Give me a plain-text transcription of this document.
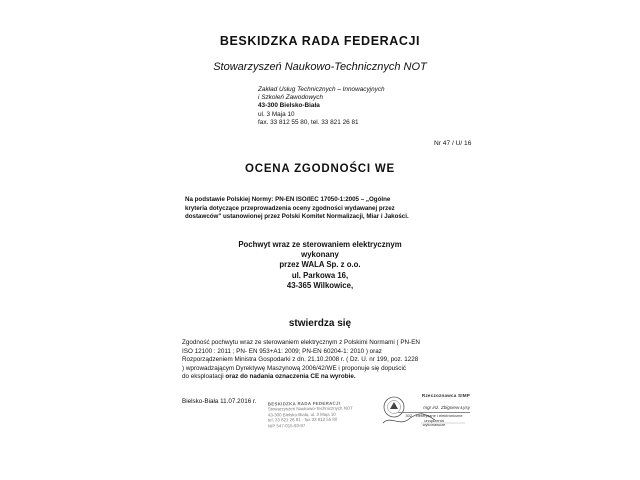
BESKIDZKA RADA FEDERACJI
Stowarzyszeń Naukowo-Technicznych NOT
Zakład Usług Technicznych – Innowacyjnych
i Szkoleń Zawodowych
43-300 Bielsko-Biała
ul. 3 Maja 10
fax. 33 812 55 80, tel. 33 821 26 81
Nr 47 / U/ 16
OCENA ZGODNOŚCI WE
Na podstawie Polskiej Normy: PN-EN ISO/IEC 17050-1:2005 – „Ogólne
kryteria dotyczące przeprowadzenia oceny zgodności wydawanej przez
dostawców" ustanowionej przez Polski Komitet Normalizacji, Miar i Jakości.
Pochwyt wraz ze sterowaniem elektrycznym
wykonany
przez WALA Sp. z o.o.
ul. Parkowa 16,
43-365 Wilkowice,
stwierdza się
Zgodność pochwytu wraz ze sterowaniem elektrycznym z Polskimi Normami ( PN-EN
ISO 12100 : 2011 ; PN- EN 953+A1: 2009; PN-EN 60204-1: 2010 ) oraz
Rozporządzeniem Ministra Gospodarki z dn. 21.10.2008 r. ( Dz. U. nr 199, poz. 1228
) wprowadzającym Dyrektywę Maszynową 2006/42/WE i proponuje się dopuścić
do eksploatacji oraz do nadania oznaczenia CE na wyrobie.
Bielsko-Biała 11.07.2016 r.	BESKIDZKA RADA FEDERACJI
Stowarzyszeń Naukowo-Technicznych NOT
43-300 Bielsko-Biała, ul. 3 Maja 10
tel. 33 821 26 81 · fax 33 812 55 80
NIP 547-015-93-97
Rzeczoznawca SIMP
mgr inż. Zbigniew Łysy
302 - elektryczne i elektroniczne urządzenia
wykonawcze
